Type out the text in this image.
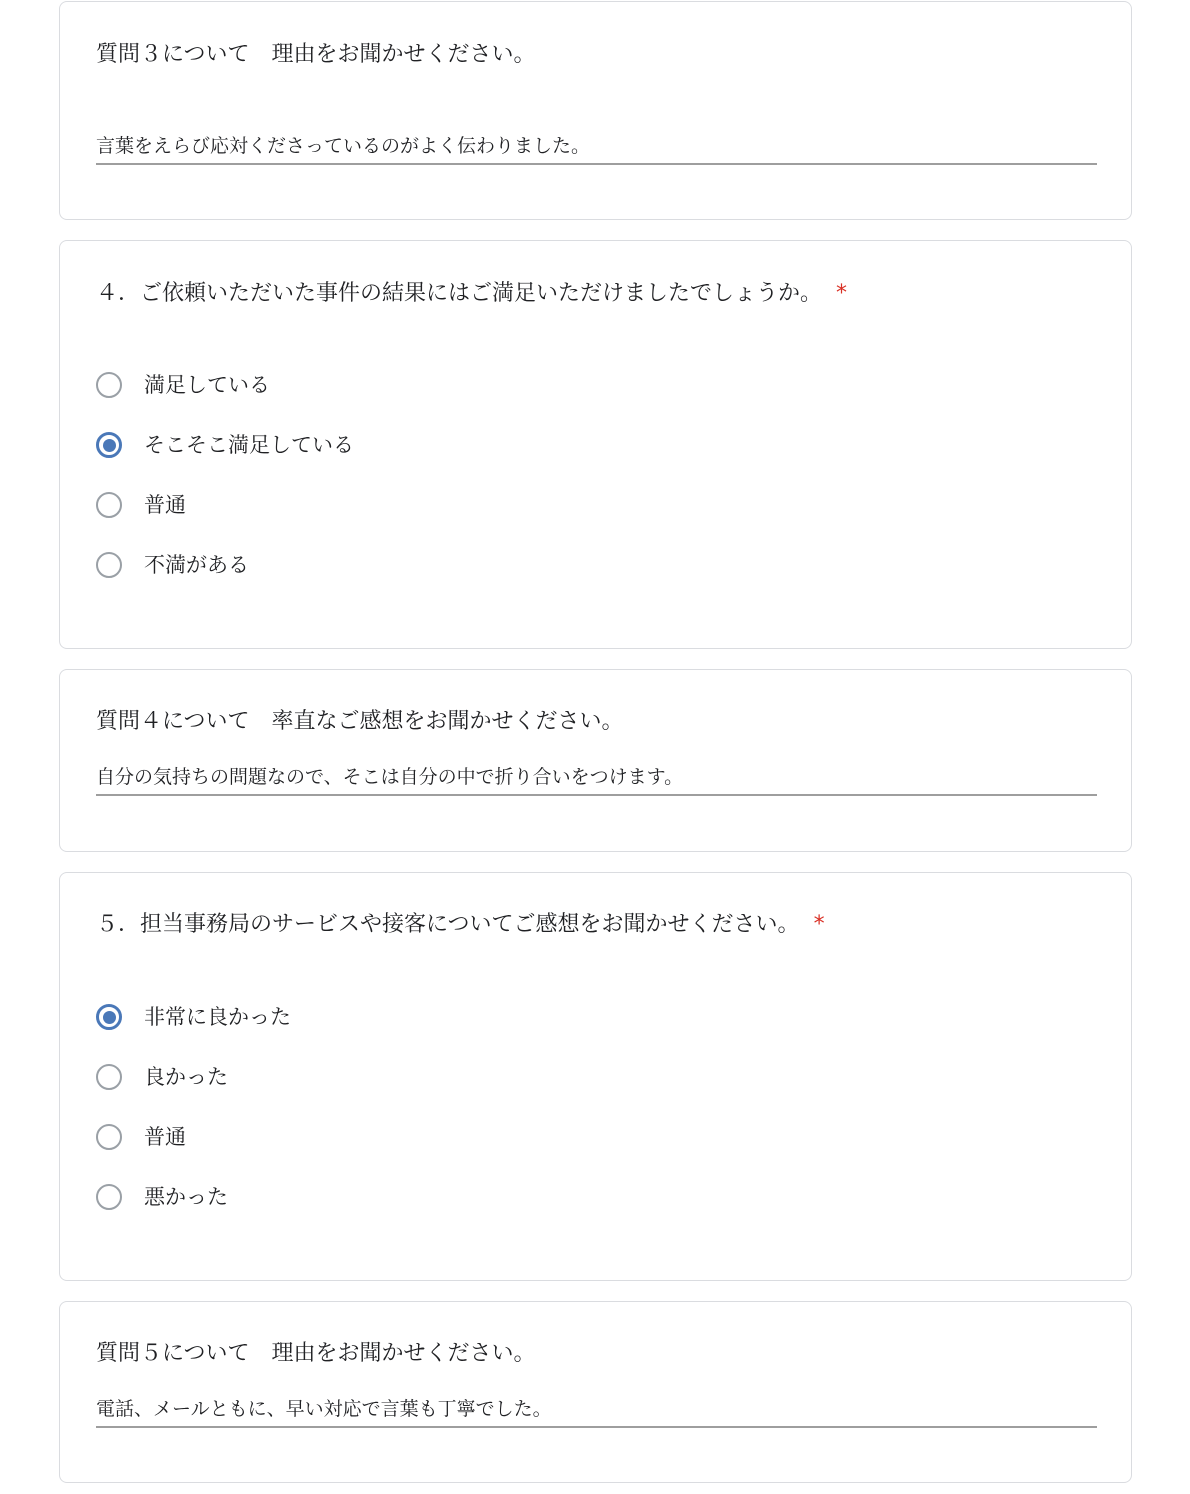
質問３について　理由をお聞かせください。
言葉をえらび応対くださっているのがよく伝わりました。
４．ご依頼いただいた事件の結果にはご満足いただけましたでしょうか。 *
満足している
そこそこ満足している
普通
不満がある
質問４について　率直なご感想をお聞かせください。
自分の気持ちの問題なので、そこは自分の中で折り合いをつけます。
５．担当事務局のサービスや接客についてご感想をお聞かせください。 *
非常に良かった
良かった
普通
悪かった
質問５について　理由をお聞かせください。
電話、メールともに、早い対応で言葉も丁寧でした。
